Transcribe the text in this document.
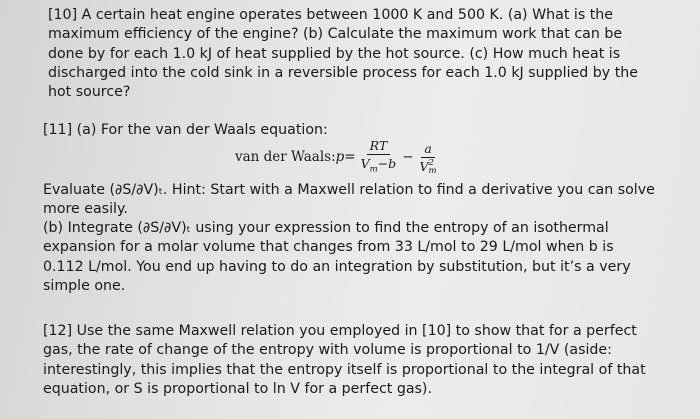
[10] A certain heat engine operates between 1000 K and 500 K. (a) What is the maximum efficiency of the engine? (b) Calculate the maximum work that can be done by for each 1.0 kJ of heat supplied by the hot source. (c) How much heat is discharged into the cold sink in a reversible process for each 1.0 kJ supplied by the hot source?

[11] (a) For the van der Waals equation:

van der Waals: $p = \frac{RT}{V_m-b} - a$
V 2
m

Evaluate (∂S/∂V)ₜ. Hint: Start with a Maxwell relation to find a derivative you can solve more easily.

(b) Integrate (∂S/∂V)ₜ using your expression to find the entropy of an isothermal expansion for a molar volume that changes from 33 L/mol to 29 L/mol when b is 0.112 L/mol. You end up having to do an integration by substitution, but it’s a very simple one.

[12] Use the same Maxwell relation you employed in [10] to show that for a perfect gas, the rate of change of the entropy with volume is proportional to 1/V (aside: interestingly, this implies that the entropy itself is proportional to the integral of that equation, or S is proportional to ln V for a perfect gas).
